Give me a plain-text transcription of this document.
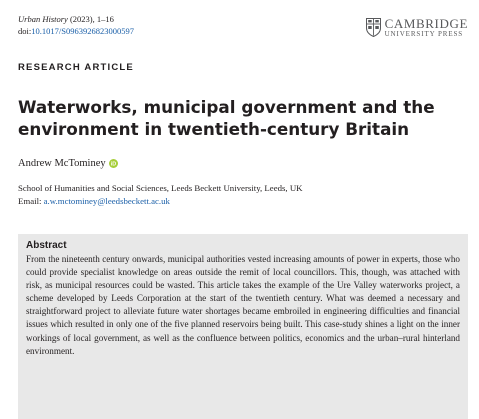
Urban History (2023), 1–16
doi:10.1017/S0963926823000597
CAMBRIDGE
UNIVERSITY PRESS
RESEARCH ARTICLE
Waterworks, municipal government and the environment in twentieth-century Britain
Andrew McTominey iD
School of Humanities and Social Sciences, Leeds Beckett University, Leeds, UK
Email: a.w.mctominey@leedsbeckett.ac.uk
Abstract

From the nineteenth century onwards, municipal authorities vested increasing amounts of power in experts, those who could provide specialist knowledge on areas outside the remit of local councillors. This, though, was attached with risk, as municipal resources could be wasted. This article takes the example of the Ure Valley waterworks project, a scheme developed by Leeds Corporation at the start of the twentieth century. What was deemed a necessary and straightforward project to alleviate future water shortages became embroiled in engineering difficulties and financial issues which resulted in only one of the five planned reservoirs being built. This case-study shines a light on the inner workings of local government, as well as the confluence between politics, economics and the urban–rural hinterland environment.
